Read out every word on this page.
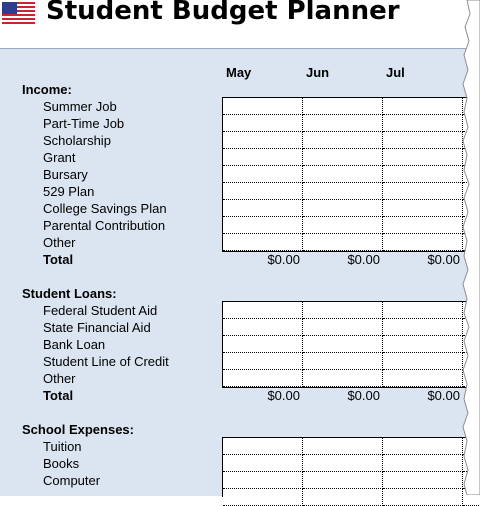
Student Budget Planner
May	Jun	Jul
Income:
Summer Job
Part-Time Job
Scholarship
Grant
Bursary
529 Plan
College Savings Plan
Parental Contribution
Other
Total	$0.00	$0.00	$0.00
Student Loans:
Federal Student Aid
State Financial Aid
Bank Loan
Student Line of Credit
Other
Total	$0.00	$0.00	$0.00
School Expenses:
Tuition
Books
Computer
